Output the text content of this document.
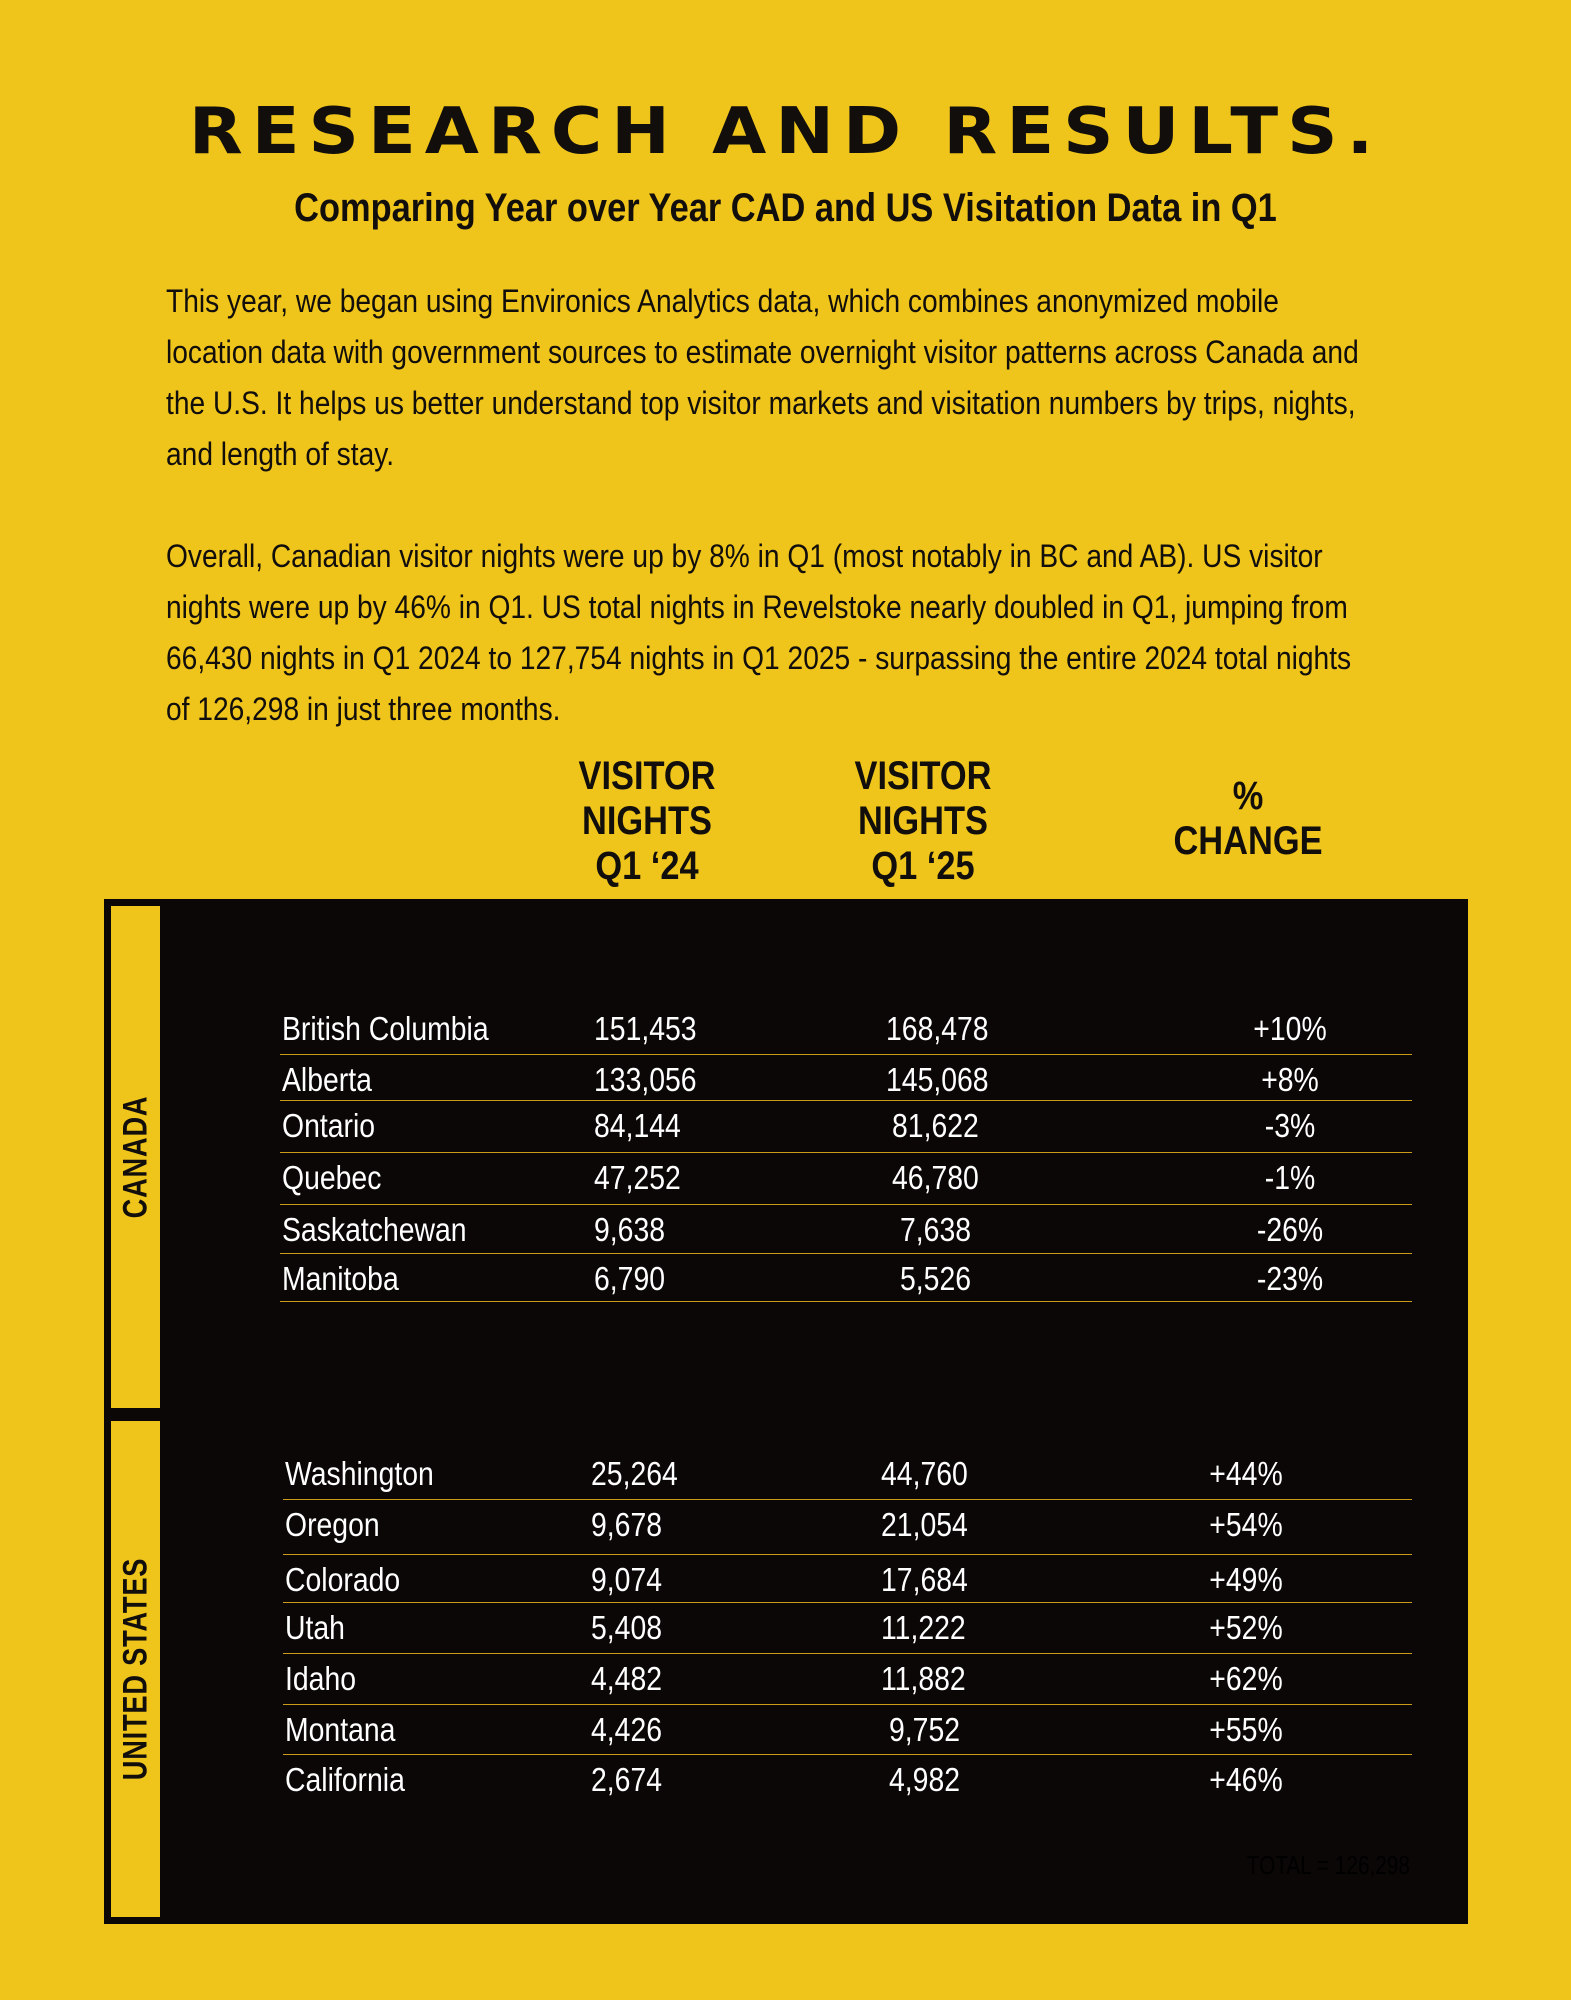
RESEARCH AND RESULTS.
Comparing Year over Year CAD and US Visitation Data in Q1
This year, we began using Environics Analytics data, which combines anonymized mobile
location data with government sources to estimate overnight visitor patterns across Canada and
the U.S. It helps us better understand top visitor markets and visitation numbers by trips, nights,
and length of stay.
Overall, Canadian visitor nights were up by 8% in Q1 (most notably in BC and AB). US visitor
nights were up by 46% in Q1. US total nights in Revelstoke nearly doubled in Q1, jumping from
66,430 nights in Q1 2024 to 127,754 nights in Q1 2025 - surpassing the entire 2024 total nights
of 126,298 in just three months.
VISITOR
NIGHTS
Q1 ‘24
VISITOR
NIGHTS
Q1 ‘25
%
CHANGE
CANADA
UNITED STATES
British Columbia	151,453	168,478	+10%
Alberta	133,056	145,068	+8%
Ontario	84,144	81,622	-3%
Quebec	47,252	46,780	-1%
Saskatchewan	9,638	7,638	-26%
Manitoba	6,790	5,526	-23%
Washington	25,264	44,760	+44%
Oregon	9,678	21,054	+54%
Colorado	9,074	17,684	+49%
Utah	5,408	11,222	+52%
Idaho	4,482	11,882	+62%
Montana	4,426	9,752	+55%
California	2,674	4,982	+46%
TOTAL = 126,298
